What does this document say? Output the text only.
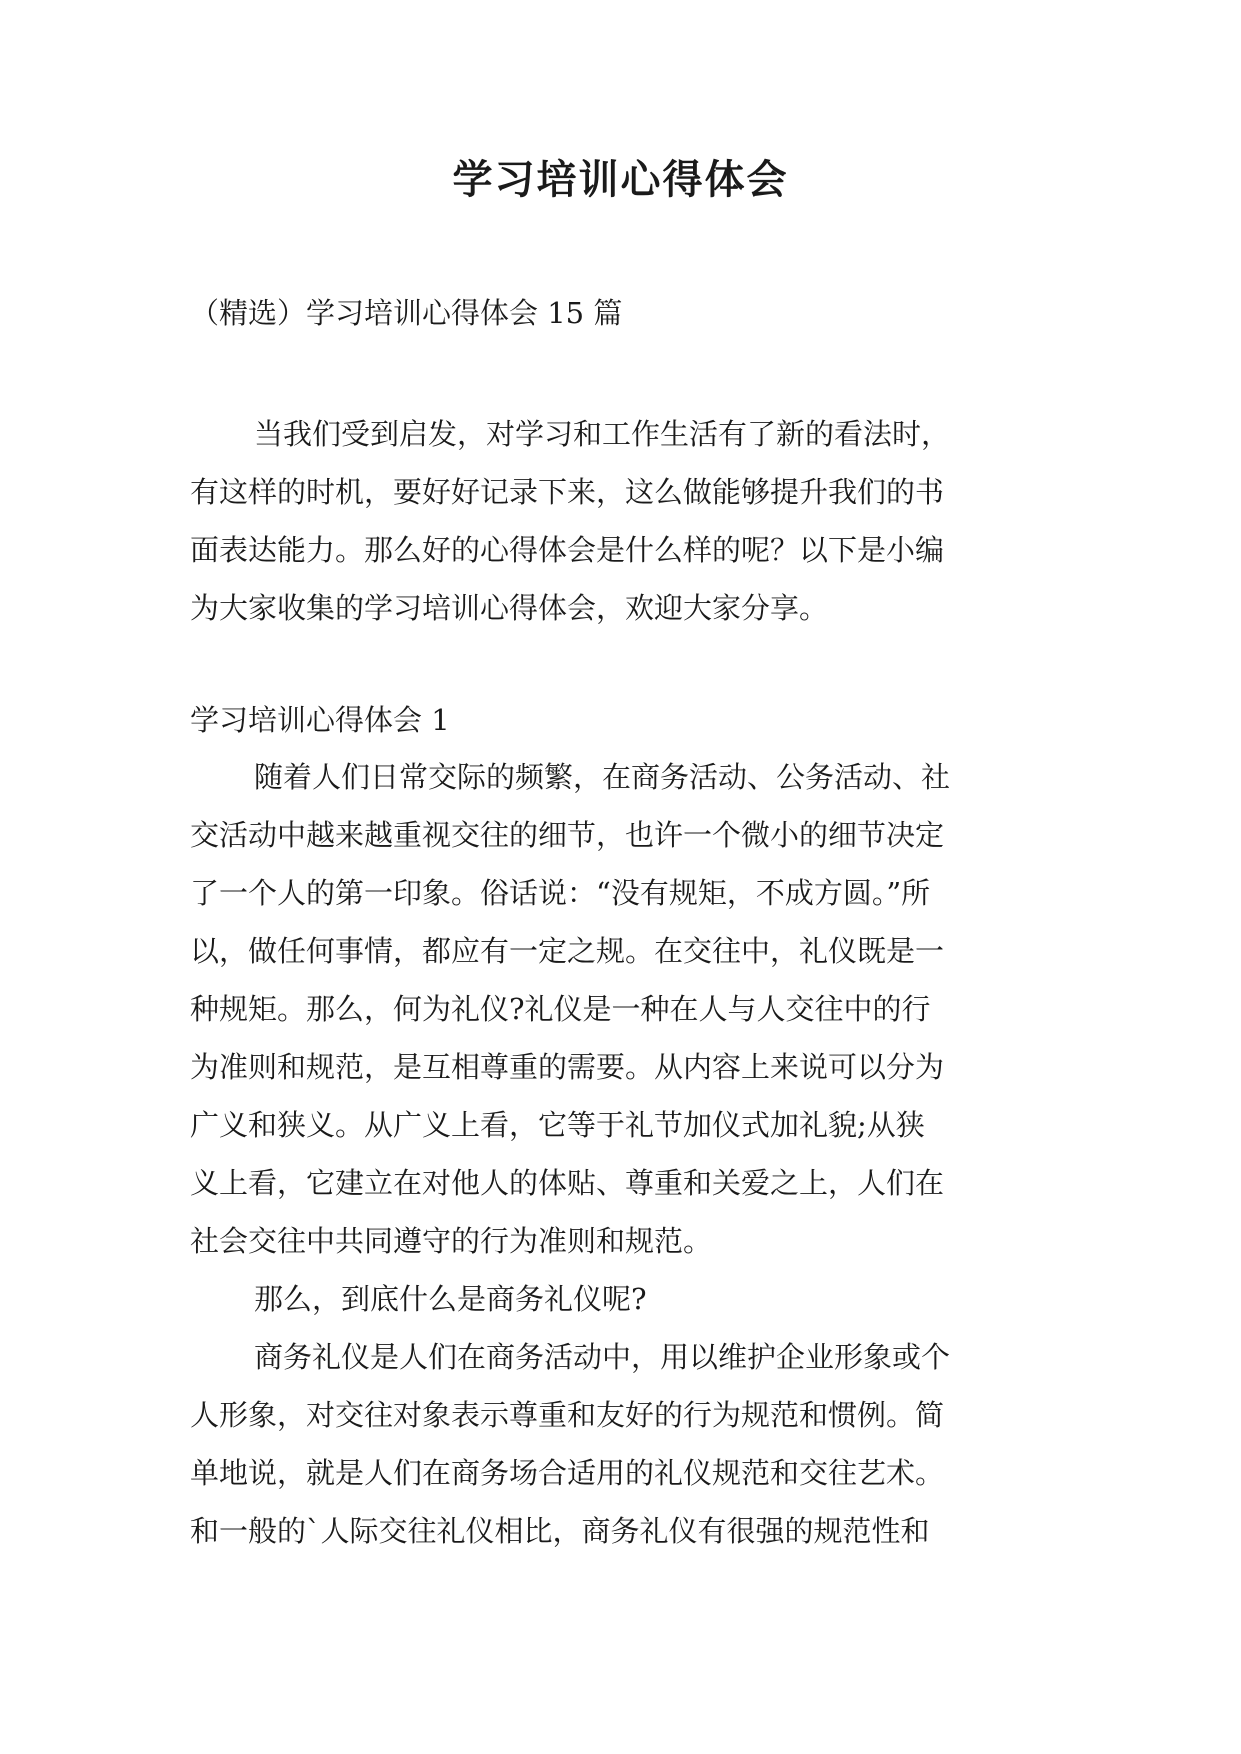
学习培训心得体会
（精选）学习培训心得体会 15 篇
当我们受到启发，对学习和工作生活有了新的看法时，
有这样的时机，要好好记录下来，这么做能够提升我们的书
面表达能力。那么好的心得体会是什么样的呢？以下是小编
为大家收集的学习培训心得体会，欢迎大家分享。
学习培训心得体会 1
随着人们日常交际的频繁，在商务活动、公务活动、社
交活动中越来越重视交往的细节，也许一个微小的细节决定
了一个人的第一印象。俗话说：“没有规矩，不成方圆。”所
以，做任何事情，都应有一定之规。在交往中，礼仪既是一
种规矩。那么，何为礼仪?礼仪是一种在人与人交往中的行
为准则和规范，是互相尊重的需要。从内容上来说可以分为
广义和狭义。从广义上看，它等于礼节加仪式加礼貌;从狭
义上看，它建立在对他人的体贴、尊重和关爱之上，人们在
社会交往中共同遵守的行为准则和规范。
那么，到底什么是商务礼仪呢?
商务礼仪是人们在商务活动中，用以维护企业形象或个
人形象，对交往对象表示尊重和友好的行为规范和惯例。简
单地说，就是人们在商务场合适用的礼仪规范和交往艺术。
和一般的`人际交往礼仪相比，商务礼仪有很强的规范性和
